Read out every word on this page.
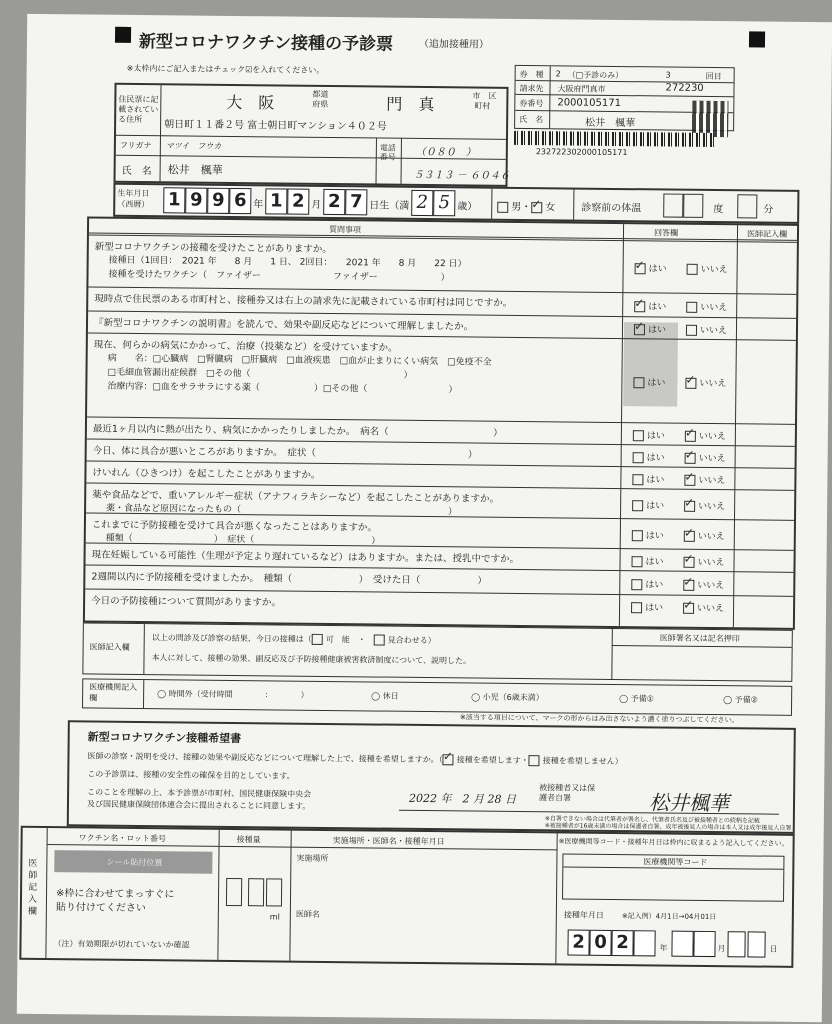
新型コロナワクチン接種の予診票	（追加接種用）
※太枠内にご記入またはチェック☑を入れてください。	券　種 2 （□予診のみ）	3	回目
請求先 大阪府門真市	272230
券番号 2000105171
氏　名	松井　楓華
232722302000105171
住民票に記載されている住所
大　阪	都道
府県	門　真	市 区
町村
朝日町１１番２号 富士朝日町マンション４０２号
フリガナ マツイ　フウカ
氏　名 松井　楓華
電話番号	（０８０　）
５３１３ － ６０４６
生年月日（西暦）	1 9 9 6 年 1 2 月 2 7 日生（満 2 5 歳）	男・ ✓ 女	診察前の体温	度	分
質問事項	回答欄	医師記入欄
新型コロナワクチンの接種を受けたことがありますか。
接種日（1回目：　2021 年　　8 月　　1 日、 2回目：　　2021 年　　8 月　　22 日）
接種を受けたワクチン（　ファイザー　　　　　　　　ファイザー　　　　　　　）
✓はい	いいえ
現時点で住民票のある市町村と、接種券又は右上の請求先に記載されている市町村は同じですか。 ✓	はい	いいえ
『新型コロナワクチンの説明書』を読んで、効果や副反応などについて理解しましたか。 ✓	はい	いいえ
現在、何らかの病気にかかって、治療（投薬など）を受けていますか。
病　　名：□心臓病　□腎臓病　□肝臓病　□血液疾患　□血が止まりにくい病気　□免疫不全
□毛細血管漏出症候群　□その他（　　　　　　　　　　　　　　　　　）
治療内容：□血をサラサラにする薬（　　　　　　）□その他（　　　　　　　　　）	はい ✓	いいえ
最近1ヶ月以内に熱が出たり、病気にかかったりしましたか。　病名（　　　　　　　　　　　）	はい ✓	いいえ
今日、体に具合が悪いところがありますか。　症状（　　　　　　　　　　　　　　　　）	はい ✓	いいえ
けいれん（ひきつけ）を起こしたことがありますか。	はい ✓	いいえ
薬や食品などで、重いアレルギー症状（アナフィラキシーなど）を起こしたことがありますか。
薬・食品など原因になったもの（　　　　　　　　　　　　　　　　　　　　　　　）	はい ✓	いいえ
これまでに予防接種を受けて具合が悪くなったことはありますか。
種類（　　　　　　　　　）　症状（　　　　　　　　　　　　　）	はい ✓	いいえ
現在妊娠している可能性（生理が予定より遅れているなど）はありますか。または、授乳中ですか。	はい ✓	いいえ
2週間以内に予防接種を受けましたか。　種類（　　　　　　　）　受けた日（　　　　　　）	はい ✓	いいえ
今日の予防接種について質問がありますか。	はい ✓	いいえ
医師記入欄
以上の問診及び診察の結果、今日の接種は（ 可　能　・　見合わせる）
本人に対して、接種の効果、副反応及び予防接種健康被害救済制度について、説明した。
医師署名又は記名押印
医療機関記入欄	◯ 時間外（受付時間　　　　：　　　　）	◯ 休日	◯ 小児（6歳未満）	◯ 予備①	◯ 予備②
※該当する項目について、マークの形からはみ出さないよう濃く塗りつぶしてください。
新型コロナワクチン接種希望書
医師の診察・説明を受け、接種の効果や副反応などについて理解した上で、接種を希望しますか。（ ✓ 接種を希望します・ 接種を希望しません）
この予診票は、接種の安全性の確保を目的としています。
このことを理解の上、本予診票が市町村、国民健康保険中央会
及び国民健康保険団体連合会に提出されることに同意します。	2022 年　2 月 28 日
被接種者又は保護者自署	松井楓華
※自署できない場合は代筆者が署名し、代筆者氏名及び被接種者との続柄を記載
※被接種者が16歳未満の場合は保護者自署、成年被後見人の場合は本人又は成年後見人自署
医師記入欄
ワクチン名・ロット番号
シール貼付位置
※枠に合わせてまっすぐに
貼り付けてください
（注）有効期限が切れていないか確認
接種量
ml
実施場所・医師名・接種年月日
実施場所
医師名
※医療機関等コード・接種年月日は枠内に収まるよう記入してください。
医療機関等コード
接種年月日	※記入例）4月1日→04月01日
2 0 2	年	月	日
